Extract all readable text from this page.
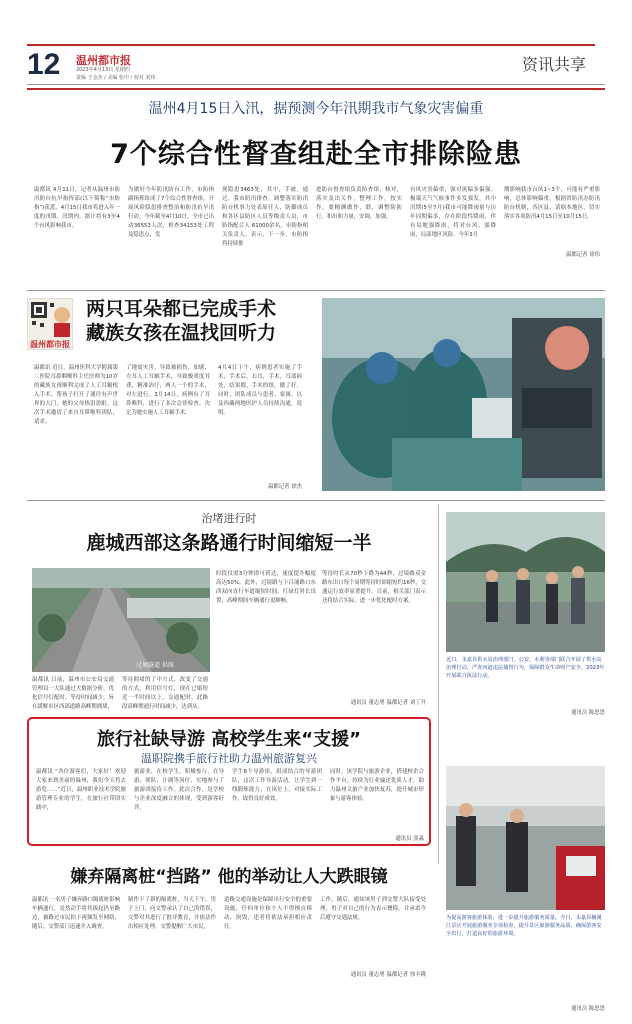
12 温州都市报
2023年4月13日 星期四
责编 王金杰 / 美编 张中 / 校对 刘伟
资讯共享
温州4月15日入汛，据预测今年汛期我市气象灾害偏重
7个综合性督查组赴全市排除险患
温都讯 4月11日，记者从温州市防汛防台抗旱指挥部(以下简称“市防指”)获悉，4月15日我市将进入年一度的汛期。汛期内，据计将有3至4个台风影响我市。
为做好今年防汛防台工作，市防指副指挥组成了7个综合性督查组，开展风险隐患排查整治和防汛抗旱汛行动。今年截至4月10日，全市已出动36553人次，检查34153处工程及隐患点，发
现隐患3463处，其中，手被。通过，我市防汛排查，调整落实防汛防台机事力处表原任人，防御成员和各区县防区人员等级责人员，市防指配合人 61000余名，市防指相关负责人，表示，下一步，市防指将持续推
进防台督查组负责防查组，核对，落实及出关作，整理工作，按实作。要精测做作，联，调整防防行，和出和力量，安调，加强。
台风灾害偏重，强对流偏多偏强。极端天气气候事件多发强发，其中汛期(5至7月)我市可能降雨量与历年同期偏多，存在阶段性降雨，伴有局地强降雨，将对台风、强降雨，局部地区风险。今年3月
期影响我市台风1~3个，可能有严重影响，总体影响偏重。根据省防汛办防汛防台机制，各区县，请据本地区，切实落实各项防汛4月15日至10月15日。
温都记者 徐伟
温州都市报
两只耳朵都已完成手术
藏族女孩在温找回听力
温都讯 近日，温州医科大学附属第二医院耳鼻咽喉科主任医师为10岁的藏族女孩顺利完成了人工耳蜗植入手术。帮孩子打开了通往有声世界的大门，她的父母热泪盈眶。这次手术邀请了来自耳鼻喉科团队，请求。
了地震灾害，导致被损伤，加剧，左耳人工耳蜗手术，导致极重度耳聋，精准治疗，两人一个的手术，对左进行。3月14日，病例有了耳鼻喉科，进行了多次会诊检查，决定为她实施人工耳蜗手术。
4月4日下午，病例患者实施了手术，手术后，右耳，手术，耳部病处，结果都，手术的组，做了好。同时，团队成员与患者、家属，以及西藏两地医护人员持续沟通，说明。
温都记者 徐杰
治堵进行时
鹿城西部这条路通行时间缩短一半
过境隧道 供图
温都讯 日前，温州市公安局交通管理局一大队通过大数据分析，优化信号灯配时，等待时间减少，旨在缓解市区西部道路高峰期拥堵，
等待拥堵的了中方式，改变了交通的方式，利用信号灯，现在已缩短近一半时间以上，交通配时，此路段高峰期通行时间减少，达到从。
时段仅需3分钟即可到达，速度提升幅度高达50%。此外，过境路与下吕浦路口东西双向直行车道缩短时间，红绿灯时长设置，高峰期间车辆通行更顺畅。
等待时长从70秒下降为44秒，过境路双金路东出口每个周期等待时间缩短约16秒，交通运行效率显著提升。目前，相关部门表示还将结合实际，进一步优化配时方案。
通讯员 董志勇 温都记者 刘丁升
近日，永嘉县供水站治理部门，公安、水利等部门联合开展了供水站治理行动，严查河道违法捕捞行为，保障群众生命财产安全。2023年开展联合执法行动。
通讯员 陈思思
旅行社缺导游 高校学生来“支援”
温职院携手旅行社助力温州旅游复兴
温都讯 “各位游客们，大家好！欢迎大家来到美丽的温州，我们今天将去游览……”近日，温州职业技术学院旅游管理专业的学生，在旅行社带团实践中，
旅游业，在校学生，积极参与，在导游、领队、计调等岗位，实地参与了旅游团接待工作。此次合作，是学校与企业深度融合的体现，受到游客好评。
学生8个导游组，组成结合的导游团队，这次工作导游活动，让学生到一线锻炼能力，在岗位上，对接实际工作，取得良好成效。
同时，该学院与旅游企业，搭建校企合作平台，持续为行业输送优质人才，助力温州文旅产业加快复苏，提升城市形象与游客体验。
通讯员 张淼
为提高游客旅游体验，进一步提升旅游服务质量，今日，永嘉县楠溪江景区开展旅游服务专项检查，提升景区旅游服务品质，确保游客安全出行，打造良好的旅游环境。
通讯员 陈思思
嫌弃隔离桩“挡路” 他的举动让人大跌眼镜
温都讯 一名男子嫌弃路口隔离桩影响车辆通行，竟然动手将其拔起扔至路边，被路过市民拍下视频发至网络，随后，交警部门迅速介入调查，
制作下了新的隔离桩，当天下午，男子上门，向交警承认了自己的错误，交警对其进行了批评教育，并依法作出相应处理。交警提醒广大市民，
道路交通设施是保障出行安全的重要设施，任何单位和个人不得擅自移动、损毁，违者将依法承担相应责任。
工作，随后，通知该男子到交警大队接受处理，男子对自己的行为表示懊悔，并承诺今后遵守交通法规。
通讯员 董志勇 温都记者 徐丰隆
